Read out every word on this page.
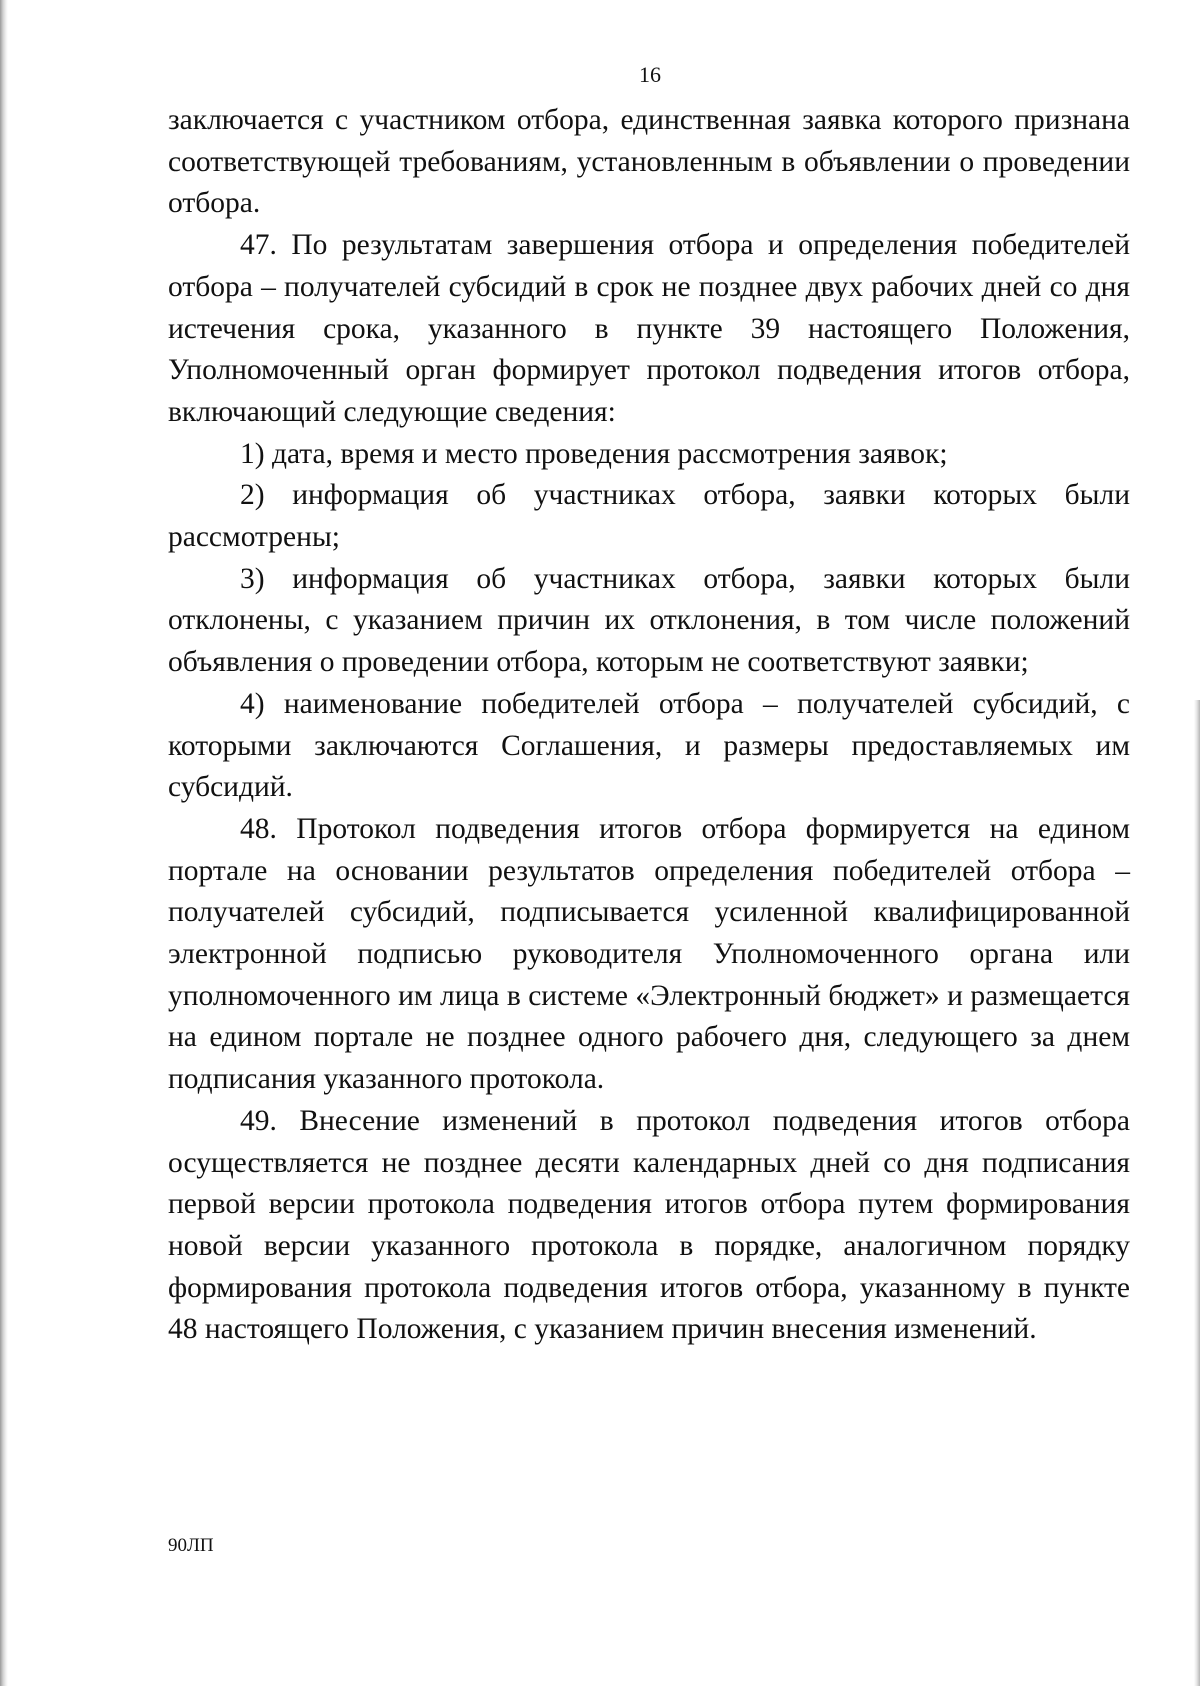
16

заключается с участником отбора, единственная заявка которого признана соответствующей требованиям, установленным в объявлении о проведении отбора.

47. По результатам завершения отбора и определения победителей отбора – получателей субсидий в срок не позднее двух рабочих дней со дня истечения срока, указанного в пункте 39 настоящего Положения, Уполномоченный орган формирует протокол подведения итогов отбора, включающий следующие сведения:

1) дата, время и место проведения рассмотрения заявок;

2) информация об участниках отбора, заявки которых были рассмотрены;

3) информация об участниках отбора, заявки которых были отклонены, с указанием причин их отклонения, в том числе положений объявления о проведении отбора, которым не соответствуют заявки;

4) наименование победителей отбора – получателей субсидий, с которыми заключаются Соглашения, и размеры предоставляемых им субсидий.

48. Протокол подведения итогов отбора формируется на едином портале на основании результатов определения победителей отбора – получателей субсидий, подписывается усиленной квалифицированной электронной подписью руководителя Уполномоченного органа или уполномоченного им лица в системе «Электронный бюджет» и размещается на едином портале не позднее одного рабочего дня, следующего за днем подписания указанного протокола.

49. Внесение изменений в протокол подведения итогов отбора осуществляется не позднее десяти календарных дней со дня подписания первой версии протокола подведения итогов отбора путем формирования новой версии указанного протокола в порядке, аналогичном порядку формирования протокола подведения итогов отбора, указанному в пункте 48 настоящего Положения, с указанием причин внесения изменений.

90ЛП
